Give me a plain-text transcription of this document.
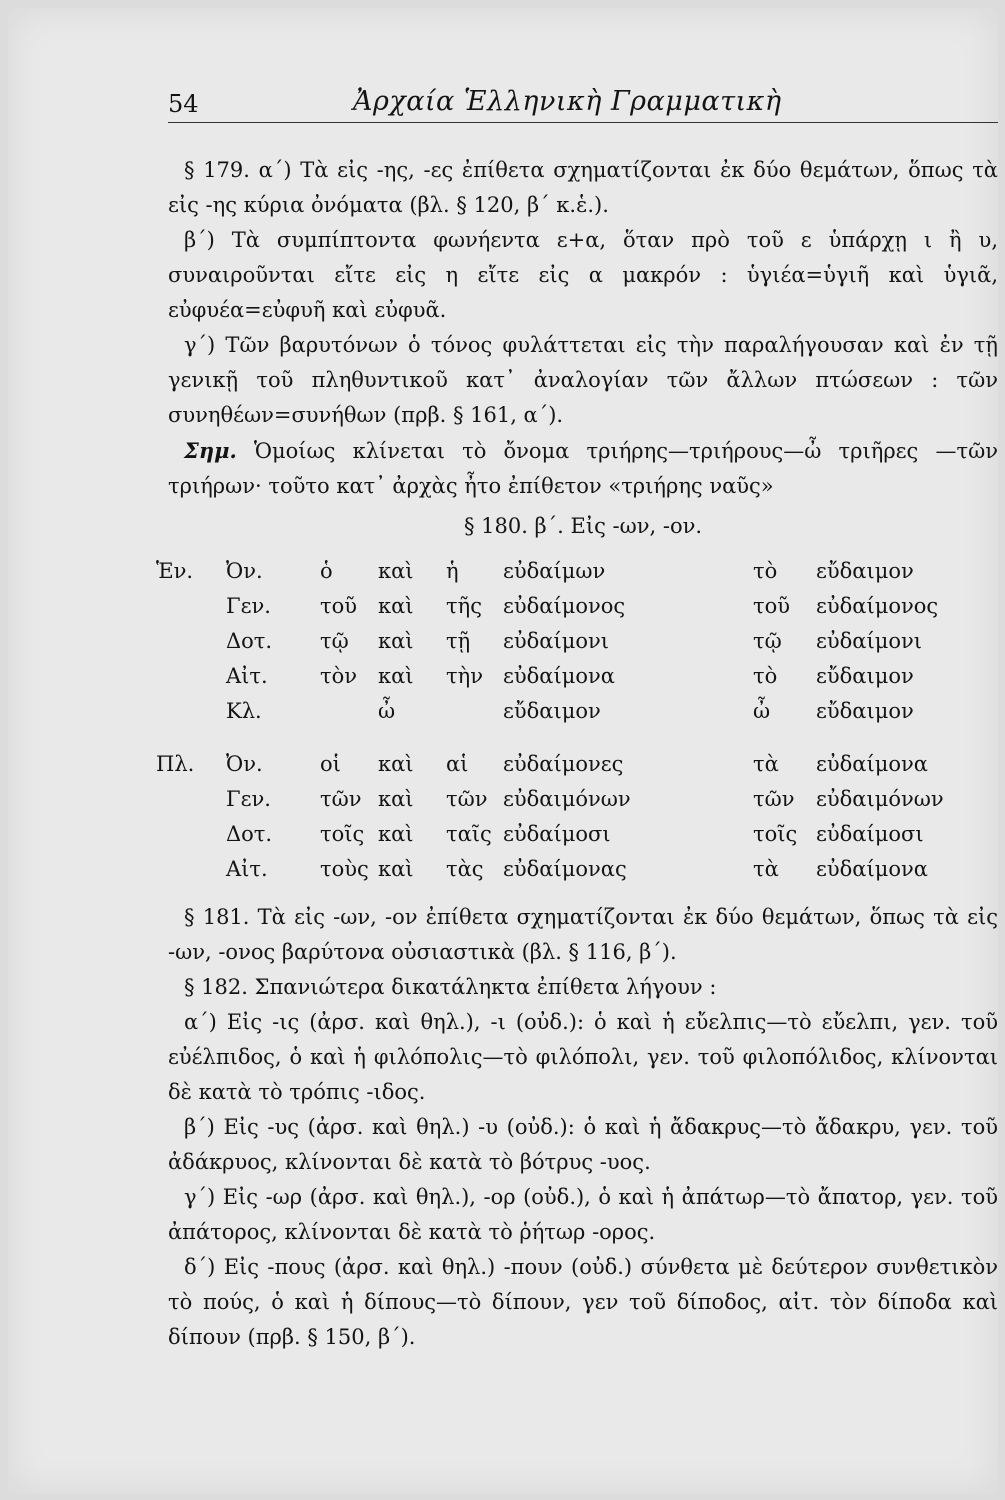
54	Ἀρχαία Ἑλληνικὴ Γραμματικὴ

§ 179. α΄) Τὰ εἰς -ης, -ες ἐπίθετα σχηματίζονται ἐκ δύο θεμάτων, ὅπως τὰ εἰς -ης κύρια ὀνόματα (βλ. § 120, β΄ κ.ἑ.).

β΄) Τὰ συμπίπτοντα φωνήεντα ε+α, ὅταν πρὸ τοῦ ε ὑπάρχῃ ι ἢ υ, συναιροῦνται εἴτε εἰς η εἴτε εἰς α μακρόν : ὑγιέα=ὑγιῆ καὶ ὑγιᾶ, εὐφυέα=εὐφυῆ καὶ εὐφυᾶ.

γ΄) Τῶν βαρυτόνων ὁ τόνος φυλάττεται εἰς τὴν παραλήγουσαν καὶ ἐν τῇ γενικῇ τοῦ πληθυντικοῦ κατ᾽ ἀναλογίαν τῶν ἄλλων πτώσεων : τῶν συνηθέων=συνήθων (πρβ. § 161, α΄).

Σημ. Ὁμοίως κλίνεται τὸ ὄνομα τριήρης—τριήρους—ὦ τριῆρες —τῶν τριήρων· τοῦτο κατ᾽ ἀρχὰς ἦτο ἐπίθετον «τριήρης ναῦς»

§ 180. β΄. Εἰς -ων, -ον.

Ἑν. Ὀν.	ὁ καὶ ἡ εὐδαίμων	τὸ εὔδαιμον
Γεν. τοῦ καὶ τῆς εὐδαίμονος	τοῦ εὐδαίμονος
Δοτ. τῷ καὶ τῇ εὐδαίμονι	τῷ εὐδαίμονι
Αἰτ. τὸν καὶ τὴν εὐδαίμονα	τὸ εὔδαιμον
Κλ.	ὦ	εὔδαιμον	ὦ εὔδαιμον
Πλ. Ὀν.	οἱ καὶ αἱ εὐδαίμονες	τὰ εὐδαίμονα
Γεν. τῶν καὶ τῶν εὐδαιμόνων	τῶν εὐδαιμόνων
Δοτ. τοῖς καὶ ταῖς εὐδαίμοσι	τοῖς εὐδαίμοσι
Αἰτ. τοὺς καὶ τὰς εὐδαίμονας	τὰ εὐδαίμονα

§ 181. Τὰ εἰς -ων, -ον ἐπίθετα σχηματίζονται ἐκ δύο θεμάτων, ὅπως τὰ εἰς -ων, -ονος βαρύτονα οὐσιαστικὰ (βλ. § 116, β΄).

§ 182. Σπανιώτερα δικατάληκτα ἐπίθετα λήγουν :

α΄) Εἰς -ις (ἀρσ. καὶ θηλ.), -ι (οὐδ.): ὁ καὶ ἡ εὔελπις—τὸ εὔελπι, γεν. τοῦ εὐέλπιδος, ὁ καὶ ἡ φιλόπολις—τὸ φιλόπολι, γεν. τοῦ φιλοπόλιδος, κλίνονται δὲ κατὰ τὸ τρόπις -ιδος.

β΄) Εἰς -υς (ἀρσ. καὶ θηλ.) -υ (οὐδ.): ὁ καὶ ἡ ἄδακρυς—τὸ ἄδακρυ, γεν. τοῦ ἀδάκρυος, κλίνονται δὲ κατὰ τὸ βότρυς -υος.

γ΄) Εἰς -ωρ (ἀρσ. καὶ θηλ.), -ορ (οὐδ.), ὁ καὶ ἡ ἀπάτωρ—τὸ ἄπατορ, γεν. τοῦ ἀπάτορος, κλίνονται δὲ κατὰ τὸ ῥήτωρ -ορος.

δ΄) Εἰς -πους (ἀρσ. καὶ θηλ.) -πουν (οὐδ.) σύνθετα μὲ δεύτερον συνθετικὸν τὸ πούς, ὁ καὶ ἡ δίπους—τὸ δίπουν, γεν τοῦ δίποδος, αἰτ. τὸν δίποδα καὶ δίπουν (πρβ. § 150, β΄).
